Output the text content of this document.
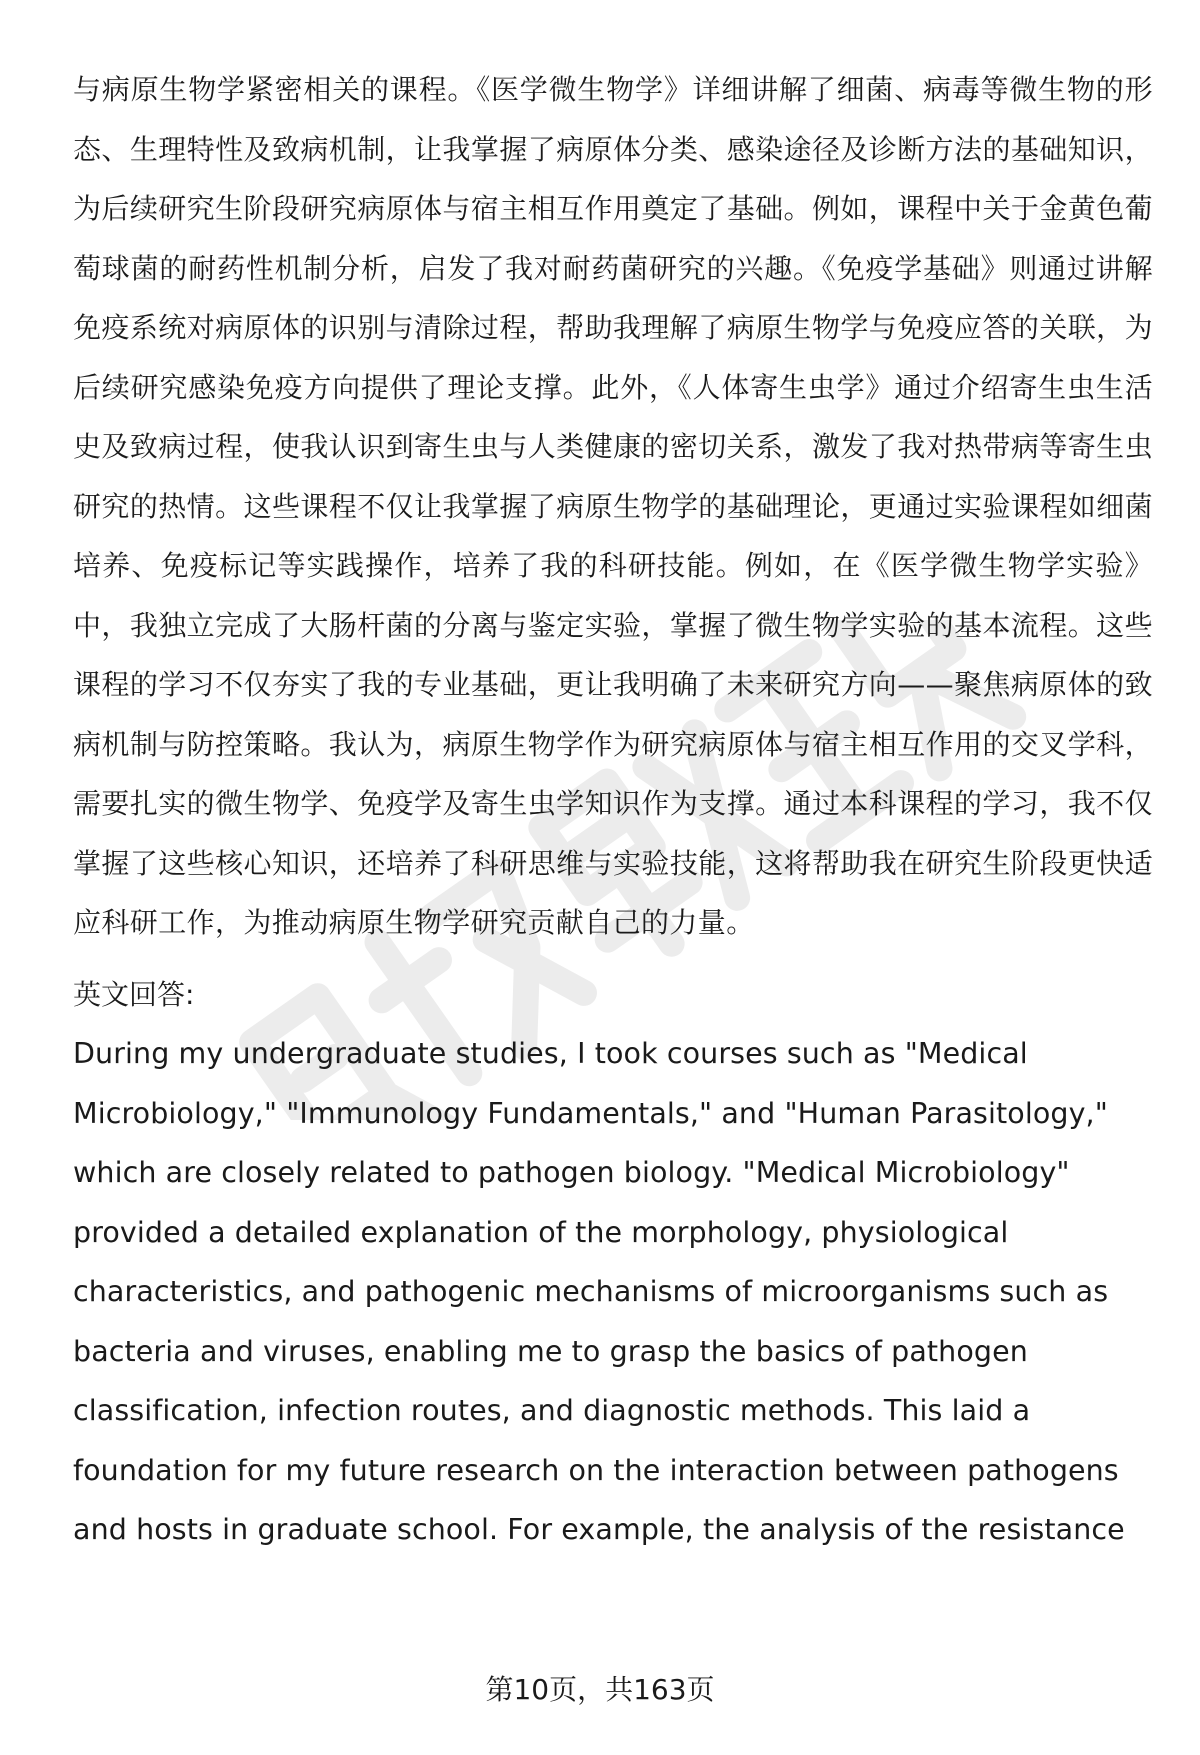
与病原生物学紧密相关的课程。《医学微生物学》详细讲解了细菌、病毒等微生物的形态、生理特性及致病机制，让我掌握了病原体分类、感染途径及诊断方法的基础知识，为后续研究生阶段研究病原体与宿主相互作用奠定了基础。例如，课程中关于金黄色葡萄球菌的耐药性机制分析，启发了我对耐药菌研究的兴趣。《免疫学基础》则通过讲解免疫系统对病原体的识别与清除过程，帮助我理解了病原生物学与免疫应答的关联，为后续研究感染免疫方向提供了理论支撑。此外，《人体寄生虫学》通过介绍寄生虫生活史及致病过程，使我认识到寄生虫与人类健康的密切关系，激发了我对热带病等寄生虫研究的热情。这些课程不仅让我掌握了病原生物学的基础理论，更通过实验课程如细菌培养、免疫标记等实践操作，培养了我的科研技能。例如，在《医学微生物学实验》中，我独立完成了大肠杆菌的分离与鉴定实验，掌握了微生物学实验的基本流程。这些课程的学习不仅夯实了我的专业基础，更让我明确了未来研究方向——聚焦病原体的致病机制与防控策略。我认为，病原生物学作为研究病原体与宿主相互作用的交叉学科，需要扎实的微生物学、免疫学及寄生虫学知识作为支撑。通过本科课程的学习，我不仅掌握了这些核心知识，还培养了科研思维与实验技能，这将帮助我在研究生阶段更快适应科研工作，为推动病原生物学研究贡献自己的力量。

英文回答:

During my undergraduate studies, I took courses such as "Medical
Microbiology," "Immunology Fundamentals," and "Human Parasitology,"
which are closely related to pathogen biology. "Medical Microbiology"
provided a detailed explanation of the morphology, physiological
characteristics, and pathogenic mechanisms of microorganisms such as
bacteria and viruses, enabling me to grasp the basics of pathogen
classification, infection routes, and diagnostic methods. This laid a
foundation for my future research on the interaction between pathogens
and hosts in graduate school. For example, the analysis of the resistance
第10页，共163页
